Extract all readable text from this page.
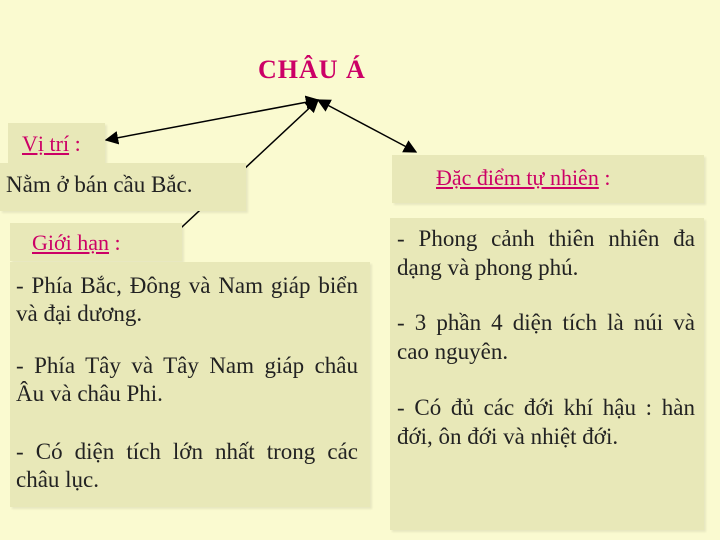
CHÂU Á
Vị trí :
Nằm ở bán cầu Bắc.
Giới hạn :
- Phía Bắc, Đông và Nam giáp biển và đại dương.
- Phía Tây và Tây Nam giáp châu Âu và châu Phi.
- Có diện tích lớn nhất trong các châu lục.
Đặc điểm tự nhiên :
- Phong cảnh thiên nhiên đa dạng và phong phú.
- 3 phần 4 diện tích là núi và cao nguyên.
- Có đủ các đới khí hậu : hàn đới, ôn đới và nhiệt đới.
